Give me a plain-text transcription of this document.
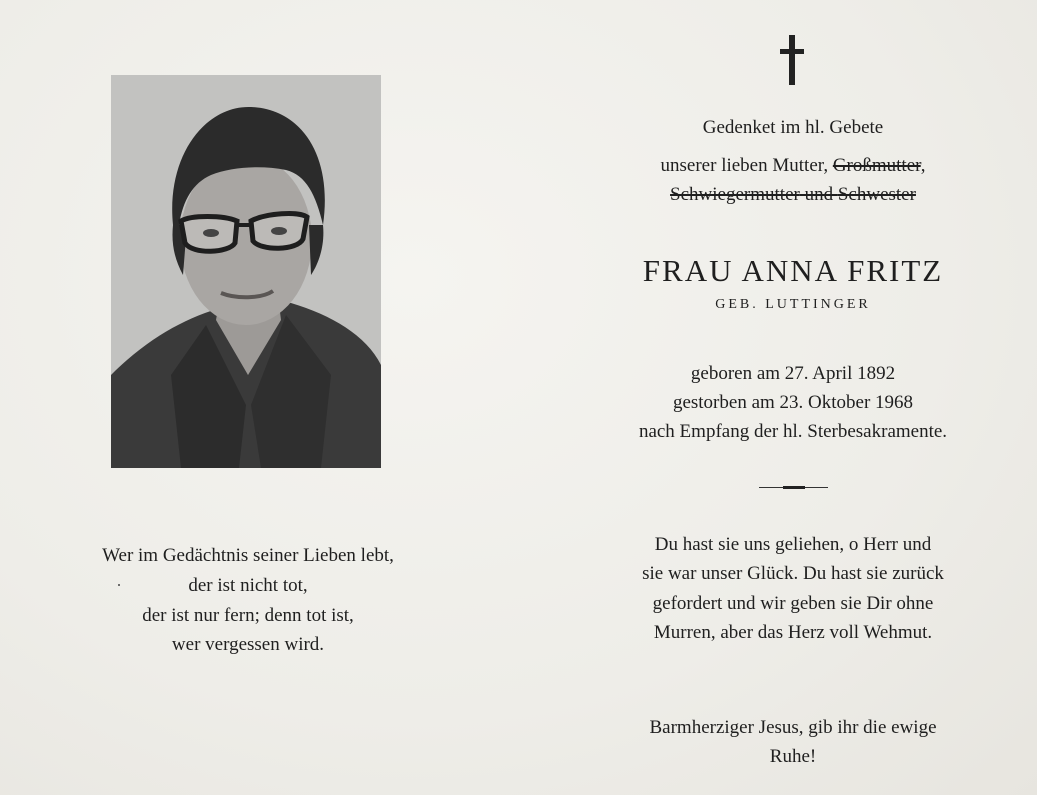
Gedenket im hl. Gebete
unserer lieben Mutter, Großmutter,
Schwiegermutter und Schwester
FRAU ANNA FRITZ
GEB. LUTTINGER
geboren am 27. April 1892
gestorben am 23. Oktober 1968
nach Empfang der hl. Sterbesakramente.
Wer im Gedächtnis seiner Lieben lebt,
der ist nicht tot,
der ist nur fern; denn tot ist,
wer vergessen wird.
Du hast sie uns geliehen, o Herr und
sie war unser Glück. Du hast sie zurück
gefordert und wir geben sie Dir ohne
Murren, aber das Herz voll Wehmut.
Barmherziger Jesus, gib ihr die ewige
Ruhe!
